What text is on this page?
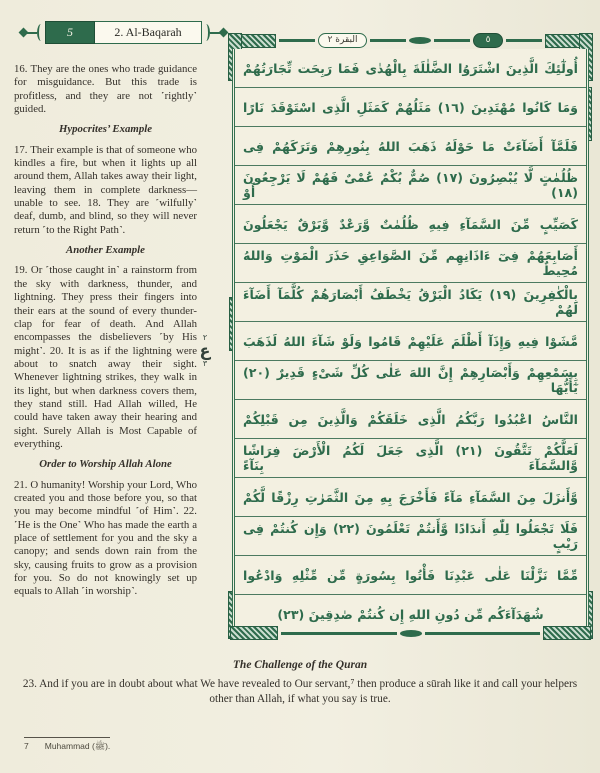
5	2. Al-Baqarah

16. They are the ones who trade guidance for misguidance. But this trade is profitless, and they are not ˹rightly˺ guided.

Hypocrites’ Example

17. Their example is that of someone who kindles a fire, but when it lights up all around them, Allah takes away their light, leaving them in complete darkness—unable to see. 18. They are ˹wilfully˺ deaf, dumb, and blind, so they will never return ˹to the Right Path˺.

Another Example

19. Or ˹those caught in˺ a rainstorm from the sky with darkness, thunder, and lightning. They press their fingers into their ears at the sound of every thunder-clap for fear of death. And Allah encompasses the disbelievers ˹by His might˺. 20. It is as if the lightning were about to snatch away their sight. Whenever lightning strikes, they walk in its light, but when darkness covers them, they stand still. Had Allah willed, He could have taken away their hearing and sight. Surely Allah is Most Capable of everything.

Order to Worship Allah Alone

21. O humanity! Worship your Lord, Who created you and those before you, so that you may become mindful ˹of Him˺. 22. ˹He is the One˺ Who has made the earth a place of settlement for you and the sky a canopy; and sends down rain from the sky, causing fruits to grow as a provision for you. So do not knowingly set up equals to Allah ˹in worship˺.

٢
ع
٣
البقرة ٢	٥
أُولٰٓئِكَ الَّذِينَ اشْتَرَوُا الضَّلٰلَةَ بِالْهُدٰى فَمَا رَبِحَت تِّجَارَتُهُمْ
وَمَا كَانُوا مُهْتَدِينَ (١٦) مَثَلُهُمْ كَمَثَلِ الَّذِى اسْتَوْقَدَ نَارًا
فَلَمَّآ أَضَآءَتْ مَا حَوْلَهُ ذَهَبَ اللهُ بِنُورِهِمْ وَتَرَكَهُمْ فِى
ظُلُمٰتٍ لَّا يُبْصِرُونَ (١٧) صُمٌّ بُكْمٌ عُمْىٌ فَهُمْ لَا يَرْجِعُونَ (١٨) أَوْ
كَصَيِّبٍ مِّنَ السَّمَآءِ فِيهِ ظُلُمٰتٌ وَّرَعْدٌ وَّبَرْقٌ يَجْعَلُونَ
أَصَابِعَهُمْ فِىٓ ءَاذَانِهِم مِّنَ الصَّوَاعِقِ حَذَرَ الْمَوْتِ وَاللهُ مُحِيطٌ
بِالْكٰفِرِينَ (١٩) يَكَادُ الْبَرْقُ يَخْطَفُ أَبْصَارَهُمْ كُلَّمَآ أَضَآءَ لَهُمْ
مَّشَوْا فِيهِ وَإِذَآ أَظْلَمَ عَلَيْهِمْ قَامُوا وَلَوْ شَآءَ اللهُ لَذَهَبَ
بِسَمْعِهِمْ وَأَبْصَارِهِمْ إِنَّ اللهَ عَلٰى كُلِّ شَىْءٍ قَدِيرٌ (٢٠) يٰٓأَيُّهَا
النَّاسُ اعْبُدُوا رَبَّكُمُ الَّذِى خَلَقَكُمْ وَالَّذِينَ مِن قَبْلِكُمْ
لَعَلَّكُمْ تَتَّقُونَ (٢١) الَّذِى جَعَلَ لَكُمُ الْأَرْضَ فِرَاشًا وَّالسَّمَآءَ بِنَآءً
وَّأَنزَلَ مِنَ السَّمَآءِ مَآءً فَأَخْرَجَ بِهِ مِنَ الثَّمَرٰتِ رِزْقًا لَّكُمْ
فَلَا تَجْعَلُوا لِلّٰهِ أَندَادًا وَّأَنتُمْ تَعْلَمُونَ (٢٢) وَإِن كُنتُمْ فِى رَيْبٍ
مِّمَّا نَزَّلْنَا عَلٰى عَبْدِنَا فَأْتُوا بِسُورَةٍ مِّن مِّثْلِهِ وَادْعُوا
شُهَدَآءَكُم مِّن دُونِ اللهِ إِن كُنتُمْ صٰدِقِينَ (٢٣)
The Challenge of the Quran
23. And if you are in doubt about what We have revealed to Our servant,⁷ then produce a sūrah like it and call your helpers other than Allah, if what you say is true.
7 Muhammad (ﷺ).
